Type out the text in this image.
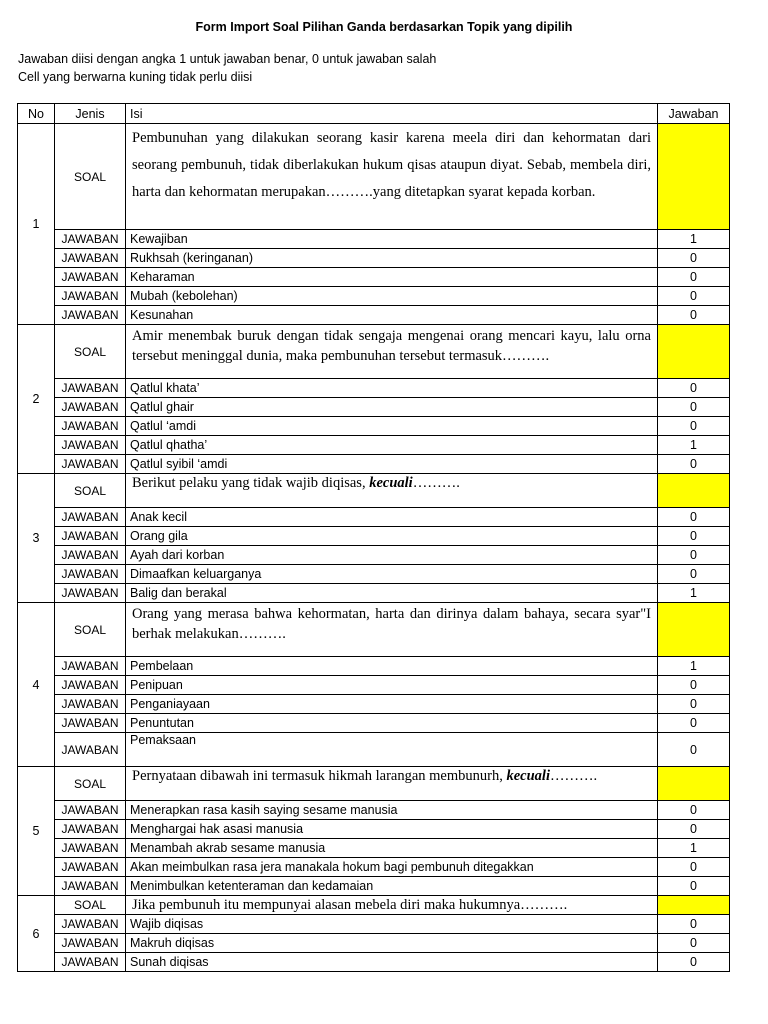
Form Import Soal Pilihan Ganda berdasarkan Topik yang dipilih
Jawaban diisi dengan angka 1 untuk jawaban benar, 0 untuk jawaban salah
Cell yang berwarna kuning tidak perlu diisi
No	Jenis	Isi	Jawaban
1	SOAL	Pembunuhan yang dilakukan seorang kasir karena meela diri dan kehormatan dari seorang pembunuh, tidak diberlakukan hukum qisas ataupun diyat. Sebab, membela diri, harta dan kehormatan merupakan……….yang ditetapkan syarat kepada korban.	
	JAWABAN	Kewajiban	1
	JAWABAN	Rukhsah (keringanan)	0
	JAWABAN	Keharaman	0
	JAWABAN	Mubah (kebolehan)	0
	JAWABAN	Kesunahan	0
2	SOAL	Amir menembak buruk dengan tidak sengaja mengenai orang mencari kayu, lalu orna tersebut meninggal dunia, maka pembunuhan tersebut termasuk……….	
	JAWABAN	Qatlul khata’	0
	JAWABAN	Qatlul ghair	0
	JAWABAN	Qatlul ‘amdi	0
	JAWABAN	Qatlul qhatha’	1
	JAWABAN	Qatlul syibil ‘amdi	0
3	SOAL	Berikut pelaku yang tidak wajib diqisas, kecuali……….	
	JAWABAN	Anak kecil	0
	JAWABAN	Orang gila	0
	JAWABAN	Ayah dari korban	0
	JAWABAN	Dimaafkan keluarganya	0
	JAWABAN	Balig dan berakal	1
4	SOAL	Orang yang merasa bahwa kehormatan, harta dan dirinya dalam bahaya, secara syar"I berhak melakukan……….	
	JAWABAN	Pembelaan	1
	JAWABAN	Penipuan	0
	JAWABAN	Penganiayaan	0
	JAWABAN	Penuntutan	0
	JAWABAN	Pemaksaan	0
5	SOAL	Pernyataan dibawah ini termasuk hikmah larangan membunurh, kecuali……….	
	JAWABAN	Menerapkan rasa kasih saying sesame manusia	0
	JAWABAN	Menghargai hak asasi manusia	0
	JAWABAN	Menambah akrab sesame manusia	1
	JAWABAN	Akan meimbulkan rasa jera manakala hokum bagi pembunuh ditegakkan	0
	JAWABAN	Menimbulkan ketenteraman dan kedamaian	0
6	SOAL	Jika pembunuh itu mempunyai alasan mebela diri maka hukumnya……….	
	JAWABAN	Wajib diqisas	0
	JAWABAN	Makruh diqisas	0
	JAWABAN	Sunah diqisas	0
